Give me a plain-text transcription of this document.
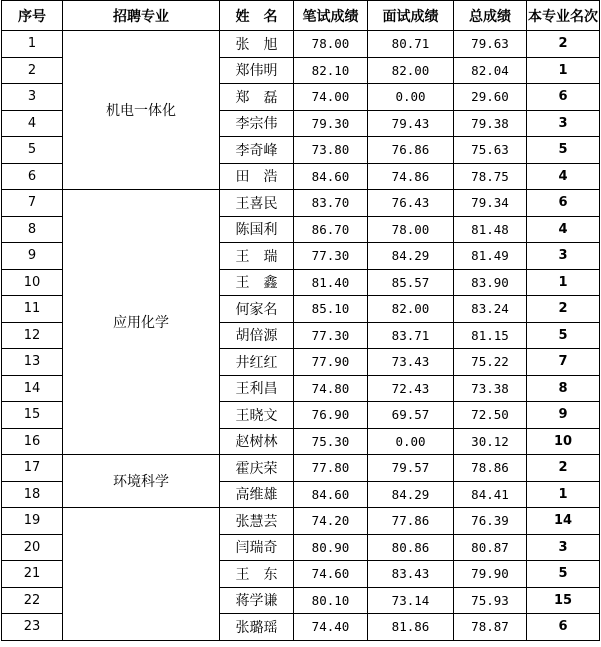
序号	招聘专业	姓　名	笔试成绩	面试成绩	总成绩	本专业名次
1	机电一体化	张　旭	78.00	80.71	79.63	2
2		郑伟明	82.10	82.00	82.04	1
3		郑　磊	74.00	0.00	29.60	6
4		李宗伟	79.30	79.43	79.38	3
5		李奇峰	73.80	76.86	75.63	5
6		田　浩	84.60	74.86	78.75	4
7	应用化学	王喜民	83.70	76.43	79.34	6
8		陈国利	86.70	78.00	81.48	4
9		王　瑞	77.30	84.29	81.49	3
10		王　鑫	81.40	85.57	83.90	1
11		何家名	85.10	82.00	83.24	2
12		胡倍源	77.30	83.71	81.15	5
13		井红红	77.90	73.43	75.22	7
14		王利昌	74.80	72.43	73.38	8
15		王晓文	76.90	69.57	72.50	9
16		赵树林	75.30	0.00	30.12	10
17	环境科学	霍庆荣	77.80	79.57	78.86	2
18		高维雄	84.60	84.29	84.41	1
19		张慧芸	74.20	77.86	76.39	14
20		闫瑞奇	80.90	80.86	80.87	3
21		王　东	74.60	83.43	79.90	5
22		蒋学谦	80.10	73.14	75.93	15
23		张璐瑶	74.40	81.86	78.87	6
